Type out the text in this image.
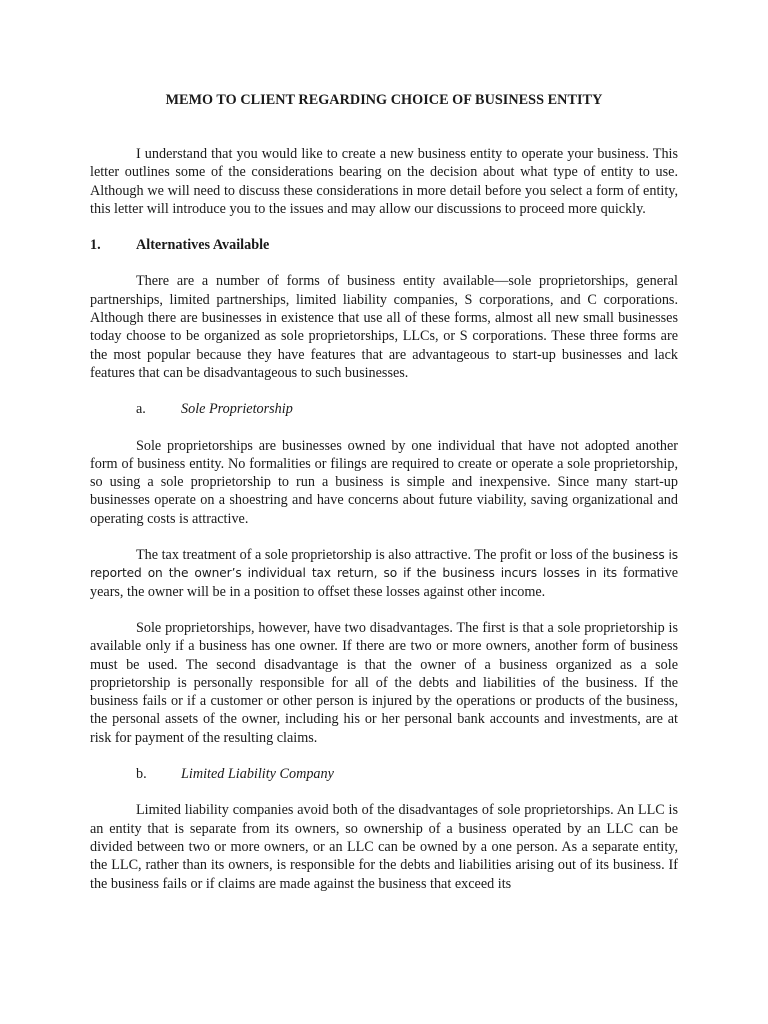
MEMO TO CLIENT REGARDING CHOICE OF BUSINESS ENTITY

I understand that you would like to create a new business entity to operate your business. This letter outlines some of the considerations bearing on the decision about what type of entity to use. Although we will need to discuss these considerations in more detail before you select a form of entity, this letter will introduce you to the issues and may allow our discussions to proceed more quickly.

1.	Alternatives Available

There are a number of forms of business entity available—sole proprietorships, general partnerships, limited partnerships, limited liability companies, S corporations, and C corporations. Although there are businesses in existence that use all of these forms, almost all new small businesses today choose to be organized as sole proprietorships, LLCs, or S corporations. These three forms are the most popular because they have features that are advantageous to start-up businesses and lack features that can be disadvantageous to such businesses.

a.	Sole Proprietorship

Sole proprietorships are businesses owned by one individual that have not adopted another form of business entity. No formalities or filings are required to create or operate a sole proprietorship, so using a sole proprietorship to run a business is simple and inexpensive. Since many start-up businesses operate on a shoestring and have concerns about future viability, saving organizational and operating costs is attractive.

The tax treatment of a sole proprietorship is also attractive. The profit or loss of the business is reported on the owner’s individual tax return, so if the business incurs losses in its formative years, the owner will be in a position to offset these losses against other income.

Sole proprietorships, however, have two disadvantages. The first is that a sole proprietorship is available only if a business has one owner. If there are two or more owners, another form of business must be used. The second disadvantage is that the owner of a business organized as a sole proprietorship is personally responsible for all of the debts and liabilities of the business. If the business fails or if a customer or other person is injured by the operations or products of the business, the personal assets of the owner, including his or her personal bank accounts and investments, are at risk for payment of the resulting claims.

b.	Limited Liability Company

Limited liability companies avoid both of the disadvantages of sole proprietorships. An LLC is an entity that is separate from its owners, so ownership of a business operated by an LLC can be divided between two or more owners, or an LLC can be owned by a one person. As a separate entity, the LLC, rather than its owners, is responsible for the debts and liabilities arising out of its business. If the business fails or if claims are made against the business that exceed its
